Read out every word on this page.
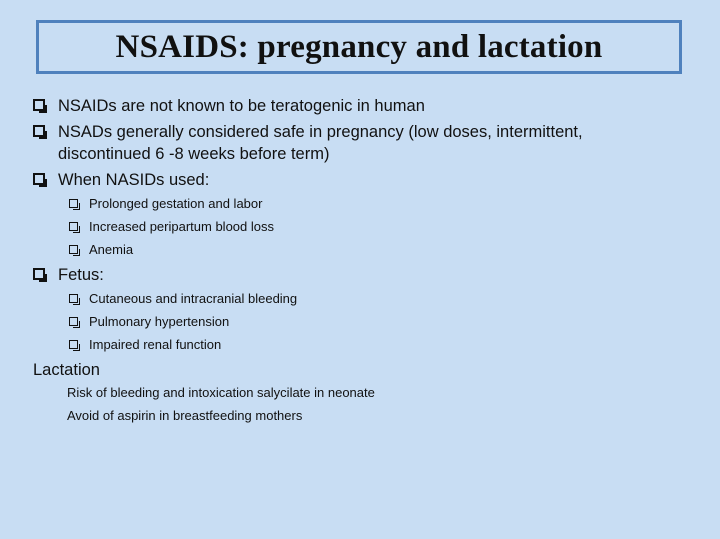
NSAIDS: pregnancy and lactation
NSAIDs are not known to be teratogenic in human
NSADs generally considered safe in pregnancy (low doses, intermittent,
discontinued 6 -8 weeks before term)
When NASIDs used:
Prolonged gestation and labor
Increased peripartum blood loss
Anemia
Fetus:
Cutaneous and intracranial bleeding
Pulmonary hypertension
Impaired renal function
Lactation
Risk of bleeding and intoxication salycilate in neonate
Avoid of aspirin in breastfeeding mothers
